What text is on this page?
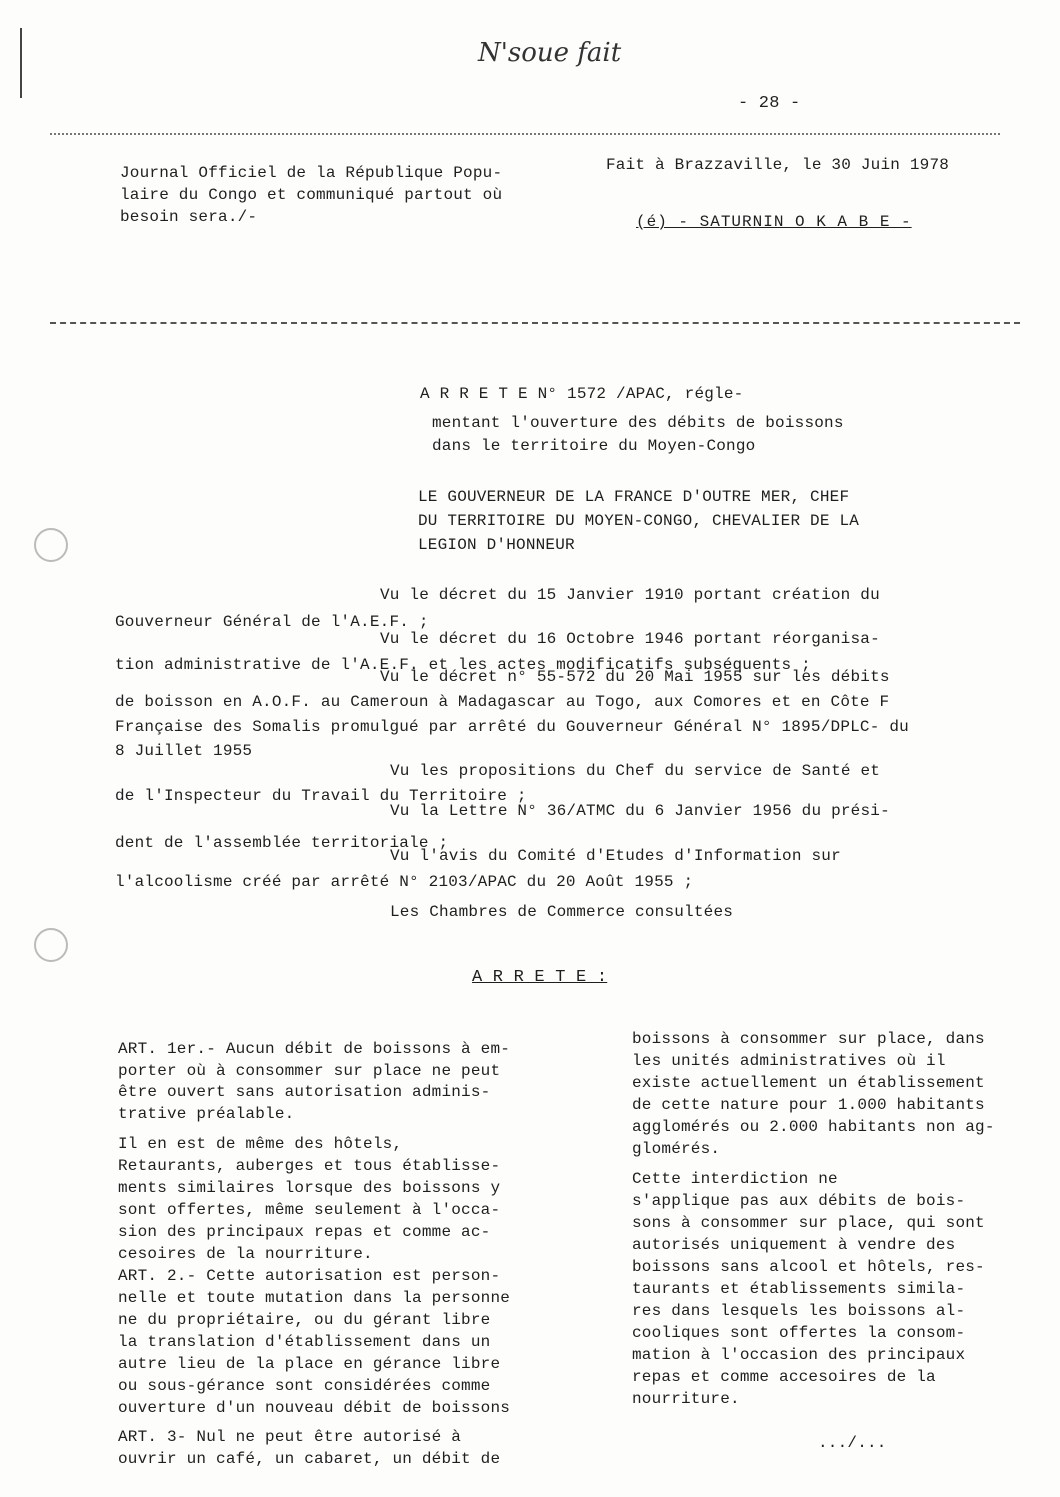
N'soue fait
- 28 -
Journal Officiel de la République Popu-
laire du Congo et communiqué partout où
besoin sera./-
Fait à Brazzaville, le 30 Juin 1978
(é) - SATURNIN O K A B E -
A R R E T E N° 1572 /APAC, régle-
mentant l'ouverture des débits de boissons
dans le territoire du Moyen-Congo
LE GOUVERNEUR DE LA FRANCE D'OUTRE MER, CHEF
DU TERRITOIRE DU MOYEN-CONGO, CHEVALIER DE LA
LEGION D'HONNEUR
Vu le décret du 15 Janvier 1910 portant création du
Gouverneur Général de l'A.E.F. ;
Vu le décret du 16 Octobre 1946 portant réorganisa-
tion administrative de l'A.E.F. et les actes modificatifs subséquents ;
Vu le décret n° 55-572 du 20 Mai 1955 sur les débits
de boisson en A.O.F. au Cameroun à Madagascar au Togo, aux Comores et en Côte F
Française des Somalis promulgué par arrêté du Gouverneur Général N° 1895/DPLC- du
8 Juillet 1955
Vu les propositions du Chef du service de Santé et
de l'Inspecteur du Travail du Territoire ;
Vu la Lettre N° 36/ATMC du 6 Janvier 1956 du prési-
dent de l'assemblée territoriale ;
Vu l'avis du Comité d'Etudes d'Information sur
l'alcoolisme créé par arrêté N° 2103/APAC du 20 Août 1955 ;
Les Chambres de Commerce consultées
A R R E T E :
ART. 1er.- Aucun débit de boissons à em-
porter où à consommer sur place ne peut
être ouvert sans autorisation adminis-
trative préalable.
Il en est de même des hôtels,
Retaurants, auberges et tous établisse-
ments similaires lorsque des boissons y
sont offertes, même seulement à l'occa-
sion des principaux repas et comme ac-
cesoires de la nourriture.
ART. 2.- Cette autorisation est person-
nelle et toute mutation dans la personne
ne du propriétaire, ou du gérant libre
la translation d'établissement dans un
autre lieu de la place en gérance libre
ou sous-gérance sont considérées comme
ouverture d'un nouveau débit de boissons
ART. 3- Nul ne peut être autorisé à
ouvrir un café, un cabaret, un débit de
boissons à consommer sur place, dans
les unités administratives où il
existe actuellement un établissement
de cette nature pour 1.000 habitants
agglomérés ou 2.000 habitants non ag-
glomérés.
Cette interdiction ne
s'applique pas aux débits de bois-
sons à consommer sur place, qui sont
autorisés uniquement à vendre des
boissons sans alcool et hôtels, res-
taurants et établissements simila-
res dans lesquels les boissons al-
cooliques sont offertes la consom-
mation à l'occasion des principaux
repas et comme accesoires de la
nourriture.
.../...
